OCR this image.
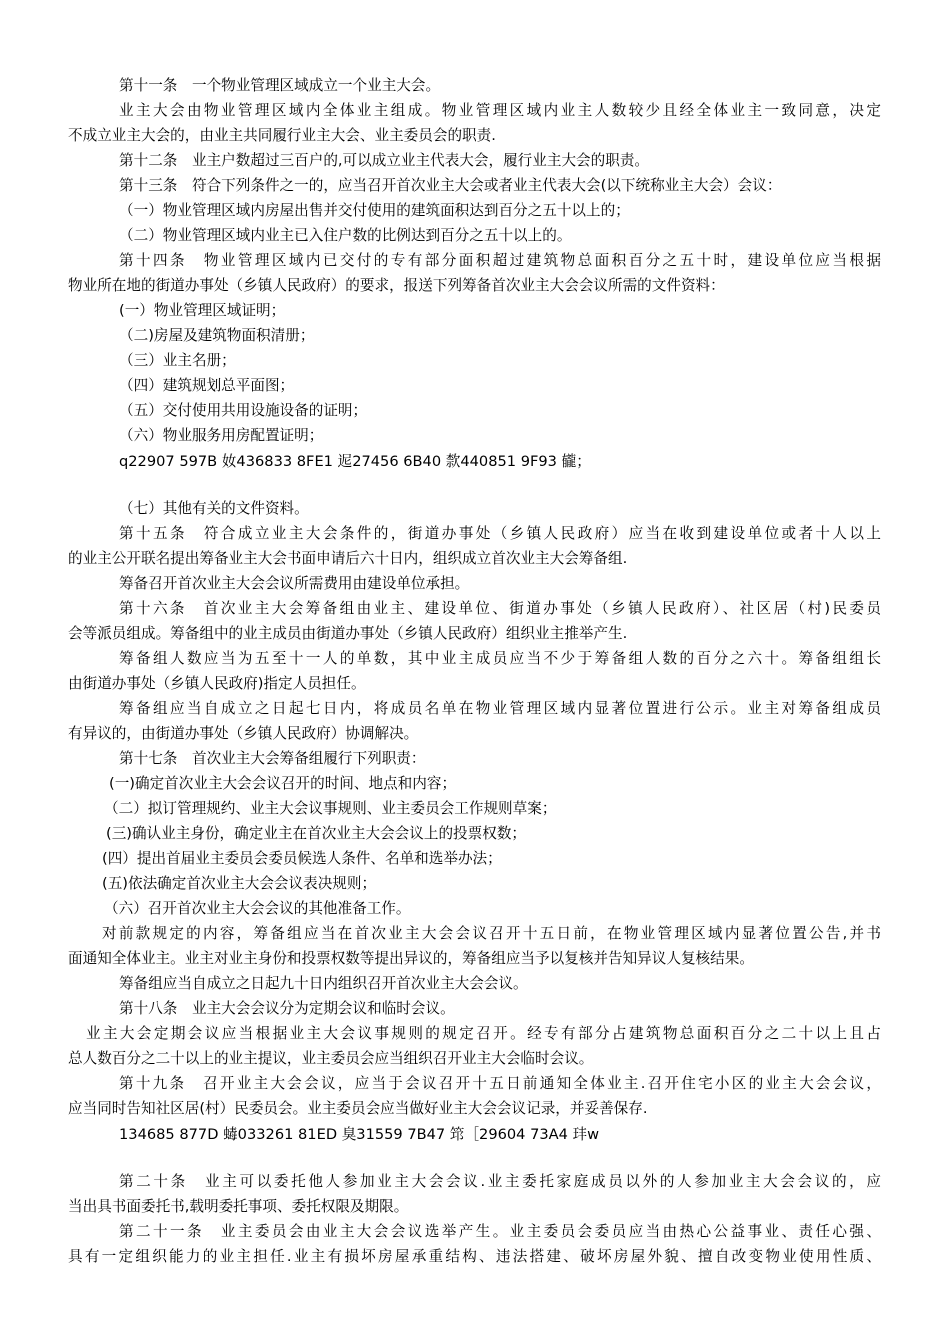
第十一条　一个物业管理区域成立一个业主大会。

业主大会由物业管理区域内全体业主组成。物业管理区域内业主人数较少且经全体业主一致同意，决定

不成立业主大会的，由业主共同履行业主大会、业主委员会的职责.

第十二条　业主户数超过三百户的,可以成立业主代表大会，履行业主大会的职责。

第十三条　符合下列条件之一的，应当召开首次业主大会或者业主代表大会(以下统称业主大会）会议：

（一）物业管理区域内房屋出售并交付使用的建筑面积达到百分之五十以上的；

（二）物业管理区域内业主已入住户数的比例达到百分之五十以上的。

第十四条　物业管理区域内已交付的专有部分面积超过建筑物总面积百分之五十时，建设单位应当根据

物业所在地的街道办事处（乡镇人民政府）的要求，报送下列筹备首次业主大会会议所需的文件资料：

(一）物业管理区域证明；

（二)房屋及建筑物面积清册；

（三）业主名册；

（四）建筑规划总平面图；

（五）交付使用共用设施设备的证明；

（六）物业服务用房配置证明；

q22907 597B 奻436833 8FE1 迡27456 6B40 歀440851 9F93 龓；

（七）其他有关的文件资料。

第十五条　符合成立业主大会条件的，街道办事处（乡镇人民政府）应当在收到建设单位或者十人以上

的业主公开联名提出筹备业主大会书面申请后六十日内，组织成立首次业主大会筹备组.

筹备召开首次业主大会会议所需费用由建设单位承担。

第十六条　首次业主大会筹备组由业主、建设单位、街道办事处（乡镇人民政府）、社区居（村)民委员

会等派员组成。筹备组中的业主成员由街道办事处（乡镇人民政府）组织业主推举产生.

筹备组人数应当为五至十一人的单数，其中业主成员应当不少于筹备组人数的百分之六十。筹备组组长

由街道办事处（乡镇人民政府)指定人员担任。

筹备组应当自成立之日起七日内，将成员名单在物业管理区域内显著位置进行公示。业主对筹备组成员

有异议的，由街道办事处（乡镇人民政府）协调解决。

第十七条　首次业主大会筹备组履行下列职责：

(一)确定首次业主大会会议召开的时间、地点和内容；

（二）拟订管理规约、业主大会议事规则、业主委员会工作规则草案；

(三)确认业主身份，确定业主在首次业主大会会议上的投票权数；

(四）提出首届业主委员会委员候选人条件、名单和选举办法；

(五)依法确定首次业主大会会议表决规则；

（六）召开首次业主大会会议的其他准备工作。

对前款规定的内容，筹备组应当在首次业主大会会议召开十五日前，在物业管理区域内显著位置公告,并书

面通知全体业主。业主对业主身份和投票权数等提出异议的，筹备组应当予以复核并告知异议人复核结果。

筹备组应当自成立之日起九十日内组织召开首次业主大会会议。

第十八条　业主大会会议分为定期会议和临时会议。

业主大会定期会议应当根据业主大会议事规则的规定召开。经专有部分占建筑物总面积百分之二十以上且占

总人数百分之二十以上的业主提议，业主委员会应当组织召开业主大会临时会议。

第十九条　召开业主大会会议，应当于会议召开十五日前通知全体业主.召开住宅小区的业主大会会议，

应当同时告知社区居(村）民委员会。业主委员会应当做好业主大会会议记录，并妥善保存.

134685 877D 蝳033261 81ED 臭31559 7B47 筇［29604 73A4 玤w

第二十条　业主可以委托他人参加业主大会会议.业主委托家庭成员以外的人参加业主大会会议的，应

当出具书面委托书,载明委托事项、委托权限及期限。

第二十一条　业主委员会由业主大会会议选举产生。业主委员会委员应当由热心公益事业、责任心强、

具有一定组织能力的业主担任.业主有损坏房屋承重结构、违法搭建、破坏房屋外貌、擅自改变物业使用性质、
